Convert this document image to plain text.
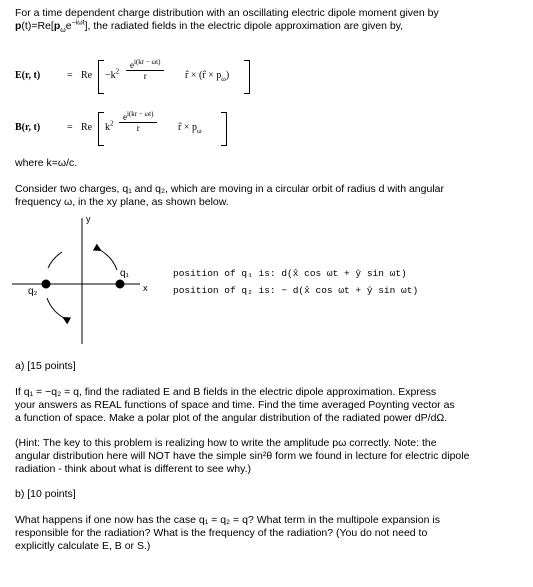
For a time dependent charge distribution with an oscillating electric dipole moment given by
$p(t)=Re[p_\omega e^{-i\omega t}]$, the radiated fields in the electric dipole approximation are given by,
E(r, t)	= $Re -k^2 \frac{e^{i(kr - \omega t)}}{r}$ r̂ × (r̂ × $p_\omega$)
B(r, t)	= Re $k^2 \frac{e^{i(kr - \omega t)}}{r}$ r̂ × $p_\omega$
where k=ω/c.
Consider two charges, q₁ and q₂, which are moving in a circular orbit of radius d with angular
frequency ω, in the xy plane, as shown below.
y
x
q₁
q₂
position of q₁ is: d(x̂ cos ωt + ŷ sin ωt)
position of q₂ is: − d(x̂ cos ωt + ŷ sin ωt)
a) [15 points]
If q₁ = −q₂ = q, find the radiated E and B fields in the electric dipole approximation. Express
your answers as REAL functions of space and time. Find the time averaged Poynting vector as
a function of space. Make a polar plot of the angular distribution of the radiated power dP/dΩ.
(Hint: The key to this problem is realizing how to write the amplitude pω correctly. Note: the
angular distribution here will NOT have the simple sin²θ form we found in lecture for electric dipole
radiation - think about what is different to see why.)
b) [10 points]
What happens if one now has the case q₁ = q₂ = q? What term in the multipole expansion is
responsible for the radiation? What is the frequency of the radiation? (You do not need to
explicitly calculate E, B or S.)
